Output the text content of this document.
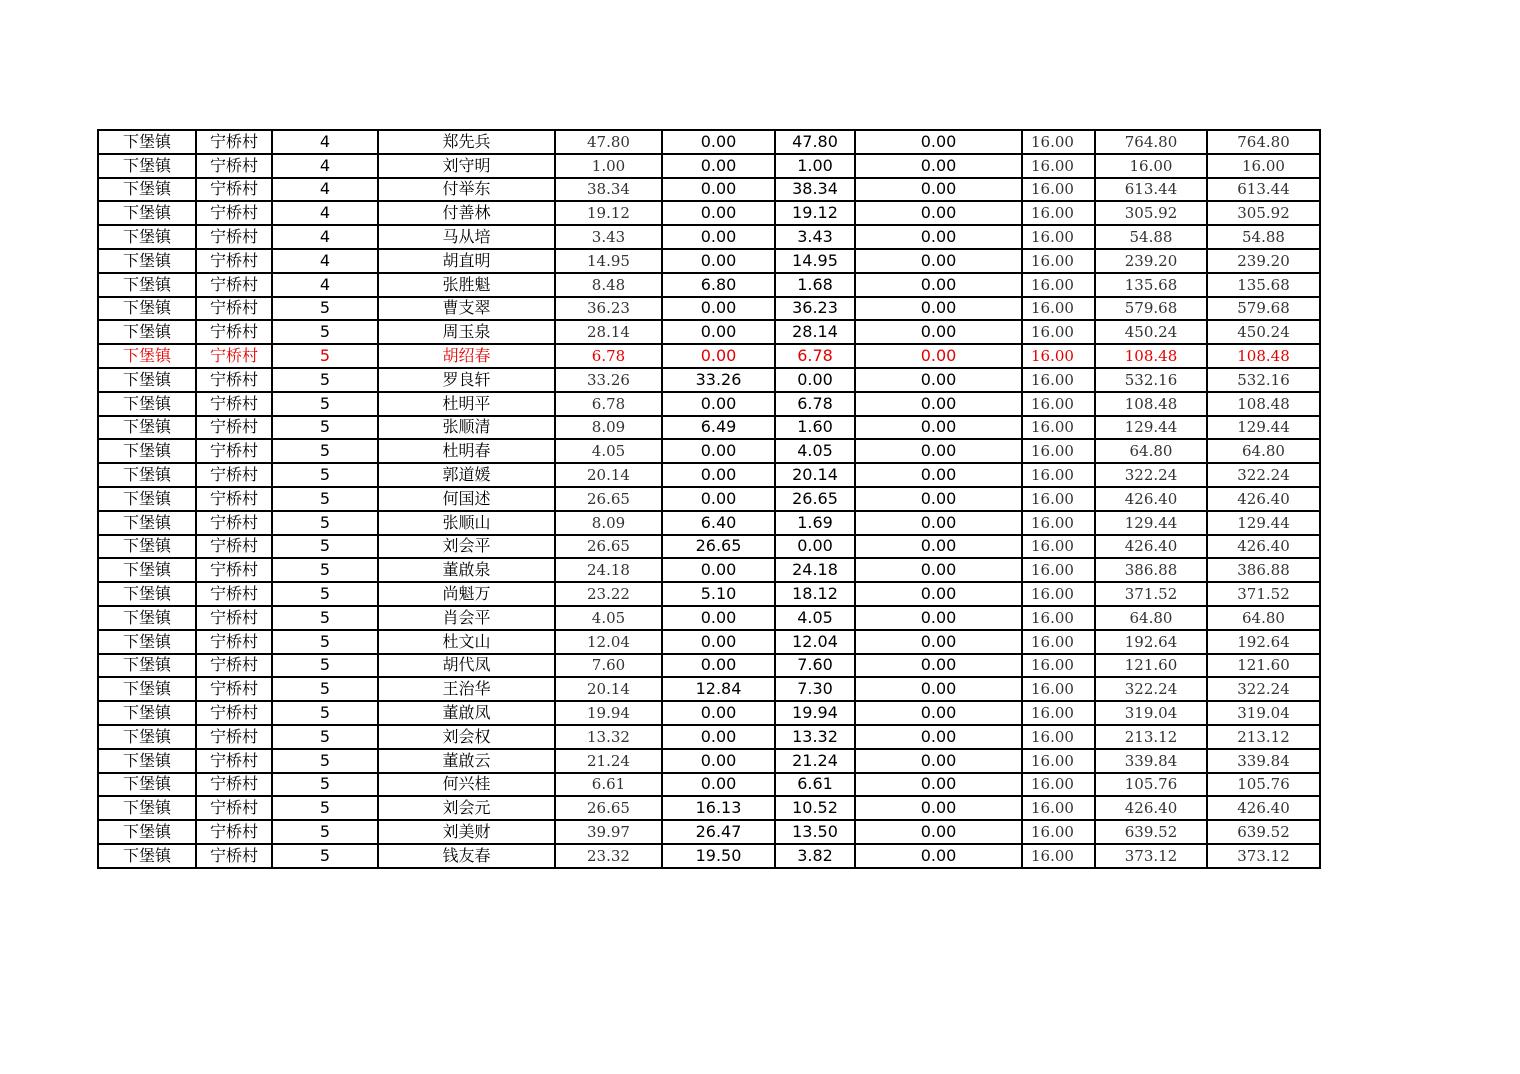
下堡镇	宁桥村	4	郑先兵	47.80	0.00	47.80	0.00	16.00	764.80	764.80
下堡镇	宁桥村	4	刘守明	1.00	0.00	1.00	0.00	16.00	16.00	16.00
下堡镇	宁桥村	4	付举东	38.34	0.00	38.34	0.00	16.00	613.44	613.44
下堡镇	宁桥村	4	付善林	19.12	0.00	19.12	0.00	16.00	305.92	305.92
下堡镇	宁桥村	4	马从培	3.43	0.00	3.43	0.00	16.00	54.88	54.88
下堡镇	宁桥村	4	胡直明	14.95	0.00	14.95	0.00	16.00	239.20	239.20
下堡镇	宁桥村	4	张胜魁	8.48	6.80	1.68	0.00	16.00	135.68	135.68
下堡镇	宁桥村	5	曹支翠	36.23	0.00	36.23	0.00	16.00	579.68	579.68
下堡镇	宁桥村	5	周玉泉	28.14	0.00	28.14	0.00	16.00	450.24	450.24
下堡镇	宁桥村	5	胡绍春	6.78	0.00	6.78	0.00	16.00	108.48	108.48
下堡镇	宁桥村	5	罗良轩	33.26	33.26	0.00	0.00	16.00	532.16	532.16
下堡镇	宁桥村	5	杜明平	6.78	0.00	6.78	0.00	16.00	108.48	108.48
下堡镇	宁桥村	5	张顺清	8.09	6.49	1.60	0.00	16.00	129.44	129.44
下堡镇	宁桥村	5	杜明春	4.05	0.00	4.05	0.00	16.00	64.80	64.80
下堡镇	宁桥村	5	郭道媛	20.14	0.00	20.14	0.00	16.00	322.24	322.24
下堡镇	宁桥村	5	何国述	26.65	0.00	26.65	0.00	16.00	426.40	426.40
下堡镇	宁桥村	5	张顺山	8.09	6.40	1.69	0.00	16.00	129.44	129.44
下堡镇	宁桥村	5	刘会平	26.65	26.65	0.00	0.00	16.00	426.40	426.40
下堡镇	宁桥村	5	董啟泉	24.18	0.00	24.18	0.00	16.00	386.88	386.88
下堡镇	宁桥村	5	尚魁万	23.22	5.10	18.12	0.00	16.00	371.52	371.52
下堡镇	宁桥村	5	肖会平	4.05	0.00	4.05	0.00	16.00	64.80	64.80
下堡镇	宁桥村	5	杜文山	12.04	0.00	12.04	0.00	16.00	192.64	192.64
下堡镇	宁桥村	5	胡代凤	7.60	0.00	7.60	0.00	16.00	121.60	121.60
下堡镇	宁桥村	5	王治华	20.14	12.84	7.30	0.00	16.00	322.24	322.24
下堡镇	宁桥村	5	董啟凤	19.94	0.00	19.94	0.00	16.00	319.04	319.04
下堡镇	宁桥村	5	刘会权	13.32	0.00	13.32	0.00	16.00	213.12	213.12
下堡镇	宁桥村	5	董啟云	21.24	0.00	21.24	0.00	16.00	339.84	339.84
下堡镇	宁桥村	5	何兴桂	6.61	0.00	6.61	0.00	16.00	105.76	105.76
下堡镇	宁桥村	5	刘会元	26.65	16.13	10.52	0.00	16.00	426.40	426.40
下堡镇	宁桥村	5	刘美财	39.97	26.47	13.50	0.00	16.00	639.52	639.52
下堡镇	宁桥村	5	钱友春	23.32	19.50	3.82	0.00	16.00	373.12	373.12
